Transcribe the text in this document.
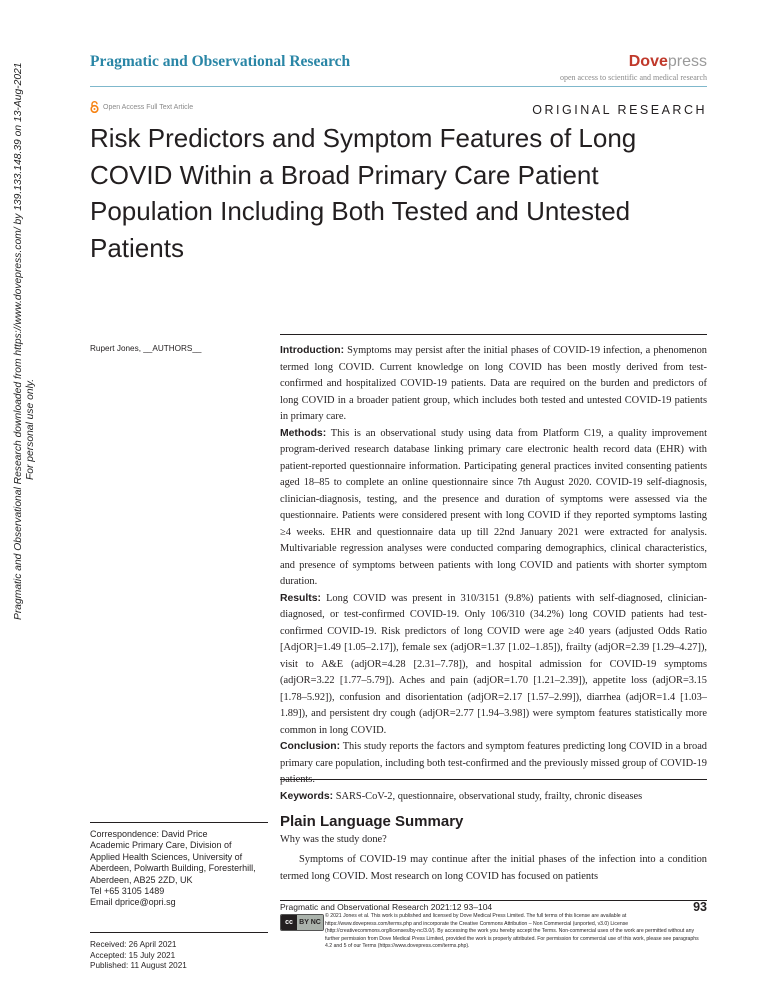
Pragmatic and Observational Research	Dovepress
open access to scientific and medical research
Open Access Full Text Article	ORIGINAL RESEARCH
Risk Predictors and Symptom Features of Long COVID Within a Broad Primary Care Patient Population Including Both Tested and Untested Patients
Pragmatic and Observational Research downloaded from https://www.dovepress.com/ by 139.133.148.39 on 13-Aug-2021 For personal use only.
Rupert Jones, __AUTHORS__
Correspondence: David Price
Academic Primary Care, Division of
Applied Health Sciences, University of
Aberdeen, Polwarth Building, Foresterhill,
Aberdeen, AB25 2ZD, UK
Tel +65 3105 1489
Email dprice@opri.sg
Received: 26 April 2021
Accepted: 15 July 2021
Published: 11 August 2021

Introduction: Symptoms may persist after the initial phases of COVID-19 infection, a phenomenon termed long COVID. Current knowledge on long COVID has been mostly derived from test-confirmed and hospitalized COVID-19 patients. Data are required on the burden and predictors of long COVID in a broader patient group, which includes both tested and untested COVID-19 patients in primary care.

Methods: This is an observational study using data from Platform C19, a quality improvement program-derived research database linking primary care electronic health record data (EHR) with patient-reported questionnaire information. Participating general practices invited consenting patients aged 18–85 to complete an online questionnaire since 7th August 2020. COVID-19 self-diagnosis, clinician-diagnosis, testing, and the presence and duration of symptoms were assessed via the questionnaire. Patients were considered present with long COVID if they reported symptoms lasting ≥4 weeks. EHR and questionnaire data up till 22nd January 2021 were extracted for analysis. Multivariable regression analyses were conducted comparing demographics, clinical characteristics, and presence of symptoms between patients with long COVID and patients with shorter symptom duration.

Results: Long COVID was present in 310/3151 (9.8%) patients with self-diagnosed, clinician-diagnosed, or test-confirmed COVID-19. Only 106/310 (34.2%) long COVID patients had test-confirmed COVID-19. Risk predictors of long COVID were age ≥40 years (adjusted Odds Ratio [AdjOR]=1.49 [1.05–2.17]), female sex (adjOR=1.37 [1.02–1.85]), frailty (adjOR=2.39 [1.29–4.27]), visit to A&E (adjOR=4.28 [2.31–7.78]), and hospital admission for COVID-19 symptoms (adjOR=3.22 [1.77–5.79]). Aches and pain (adjOR=1.70 [1.21–2.39]), appetite loss (adjOR=3.15 [1.78–5.92]), confusion and disorientation (adjOR=2.17 [1.57–2.99]), diarrhea (adjOR=1.4 [1.03–1.89]), and persistent dry cough (adjOR=2.77 [1.94–3.98]) were symptom features statistically more common in long COVID.

Conclusion: This study reports the factors and symptom features predicting long COVID in a broad primary care population, including both test-confirmed and the previously missed group of COVID-19

Keywords: SARS-CoV-2, questionnaire, observational study, frailty, chronic diseases

Plain Language Summary
Why was the study done?

Symptoms of COVID-19 may continue after the initial phases of the infection into a condition termed long COVID. Most research on long COVID has focused on patients

Pragmatic and Observational Research 2021:12 93–104	93
cc BY NC

© 2021 Jones et al. This work is published and licensed by Dove Medical Press Limited. The full terms of this license are available at https://www.dovepress.com/terms.php and incorporate the Creative Commons Attribution – Non Commercial (unported, v3.0) License (http://creativecommons.org/licenses/by-nc/3.0/). By accessing the work you hereby accept the Terms. Non-commercial uses of the work are permitted without any further permission from Dove Medical Press Limited, provided the work is properly attributed. For permission for commercial use of this work, please see paragraphs 4.2 and 5 of our Terms (https://www.dovepress.com/terms.php).
